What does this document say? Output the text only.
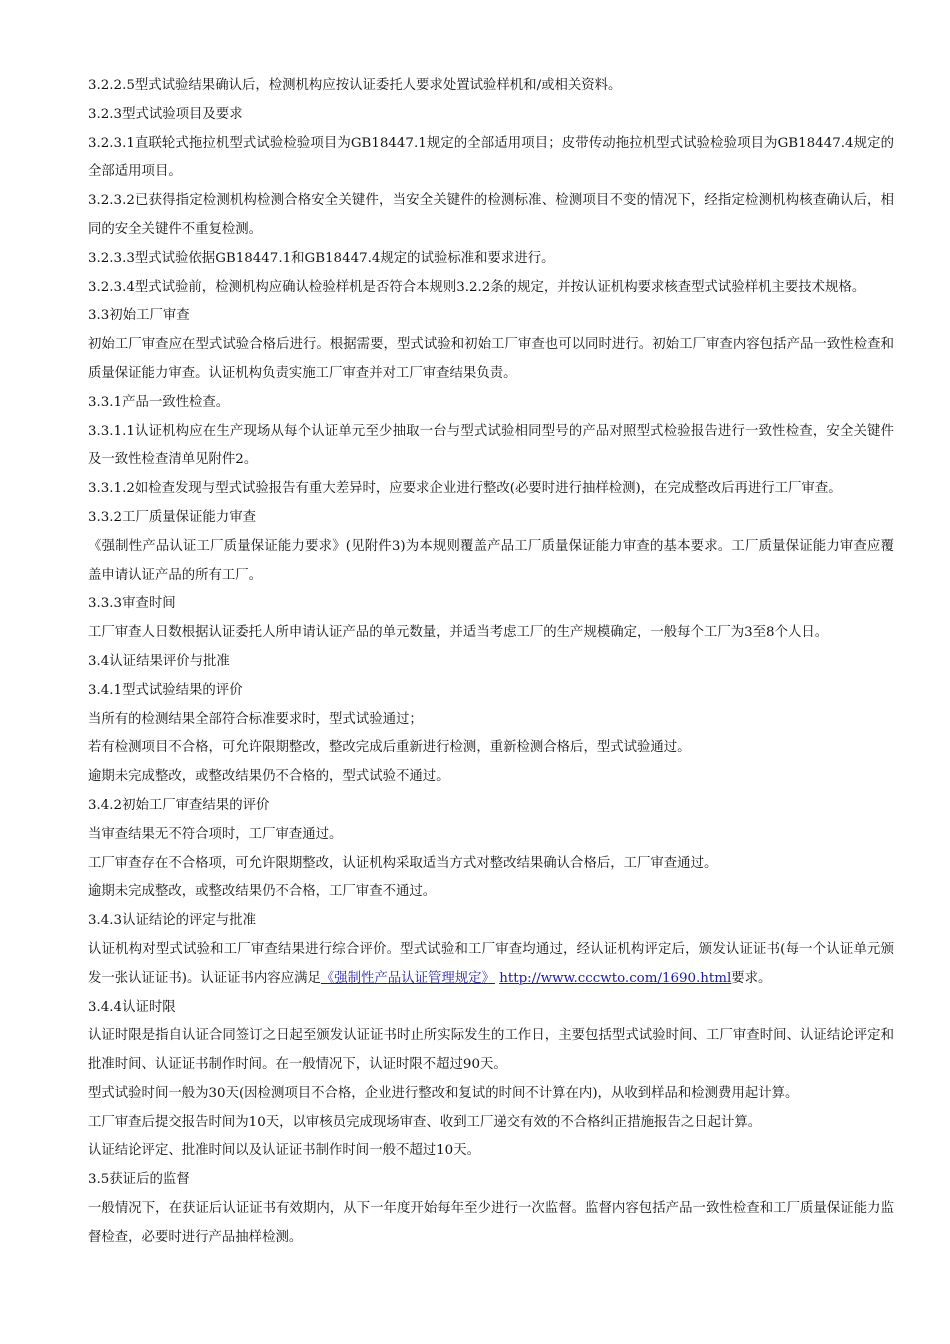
3.2.2.5型式试验结果确认后，检测机构应按认证委托人要求处置试验样机和/或相关资料。

3.2.3型式试验项目及要求

3.2.3.1直联轮式拖拉机型式试验检验项目为GB18447.1规定的全部适用项目；皮带传动拖拉机型式试验检验项目为GB18447.4规定的全部适用项目。

3.2.3.2已获得指定检测机构检测合格安全关键件，当安全关键件的检测标准、检测项目不变的情况下，经指定检测机构核查确认后，相同的安全关键件不重复检测。

3.2.3.3型式试验依据GB18447.1和GB18447.4规定的试验标准和要求进行。

3.2.3.4型式试验前，检测机构应确认检验样机是否符合本规则3.2.2条的规定，并按认证机构要求核查型式试验样机主要技术规格。

3.3初始工厂审查

初始工厂审查应在型式试验合格后进行。根据需要，型式试验和初始工厂审查也可以同时进行。初始工厂审查内容包括产品一致性检查和质量保证能力审查。认证机构负责实施工厂审查并对工厂审查结果负责。

3.3.1产品一致性检查。

3.3.1.1认证机构应在生产现场从每个认证单元至少抽取一台与型式试验相同型号的产品对照型式检验报告进行一致性检查，安全关键件及一致性检查清单见附件2。

3.3.1.2如检查发现与型式试验报告有重大差异时，应要求企业进行整改(必要时进行抽样检测)，在完成整改后再进行工厂审查。

3.3.2工厂质量保证能力审查

《强制性产品认证工厂质量保证能力要求》(见附件3)为本规则覆盖产品工厂质量保证能力审查的基本要求。工厂质量保证能力审查应覆盖申请认证产品的所有工厂。

3.3.3审查时间

工厂审查人日数根据认证委托人所申请认证产品的单元数量，并适当考虑工厂的生产规模确定，一般每个工厂为3至8个人日。

3.4认证结果评价与批准

3.4.1型式试验结果的评价

当所有的检测结果全部符合标准要求时，型式试验通过；

若有检测项目不合格，可允许限期整改，整改完成后重新进行检测，重新检测合格后，型式试验通过。

逾期未完成整改，或整改结果仍不合格的，型式试验不通过。

3.4.2初始工厂审查结果的评价

当审查结果无不符合项时，工厂审查通过。

工厂审查存在不合格项，可允许限期整改，认证机构采取适当方式对整改结果确认合格后，工厂审查通过。

逾期未完成整改，或整改结果仍不合格，工厂审查不通过。

3.4.3认证结论的评定与批准

认证机构对型式试验和工厂审查结果进行综合评价。型式试验和工厂审查均通过，经认证机构评定后，颁发认证证书(每一个认证单元颁发一张认证证书)。认证证书内容应满足《强制性产品认证管理规定》 http://www.cccwto.com/1690.html要求。

3.4.4认证时限

认证时限是指自认证合同签订之日起至颁发认证证书时止所实际发生的工作日，主要包括型式试验时间、工厂审查时间、认证结论评定和批准时间、认证证书制作时间。在一般情况下，认证时限不超过90天。

型式试验时间一般为30天(因检测项目不合格，企业进行整改和复试的时间不计算在内)，从收到样品和检测费用起计算。

工厂审查后提交报告时间为10天，以审核员完成现场审查、收到工厂递交有效的不合格纠正措施报告之日起计算。

认证结论评定、批准时间以及认证证书制作时间一般不超过10天。

3.5获证后的监督

一般情况下，在获证后认证证书有效期内，从下一年度开始每年至少进行一次监督。监督内容包括产品一致性检查和工厂质量保证能力监督检查，必要时进行产品抽样检测。
